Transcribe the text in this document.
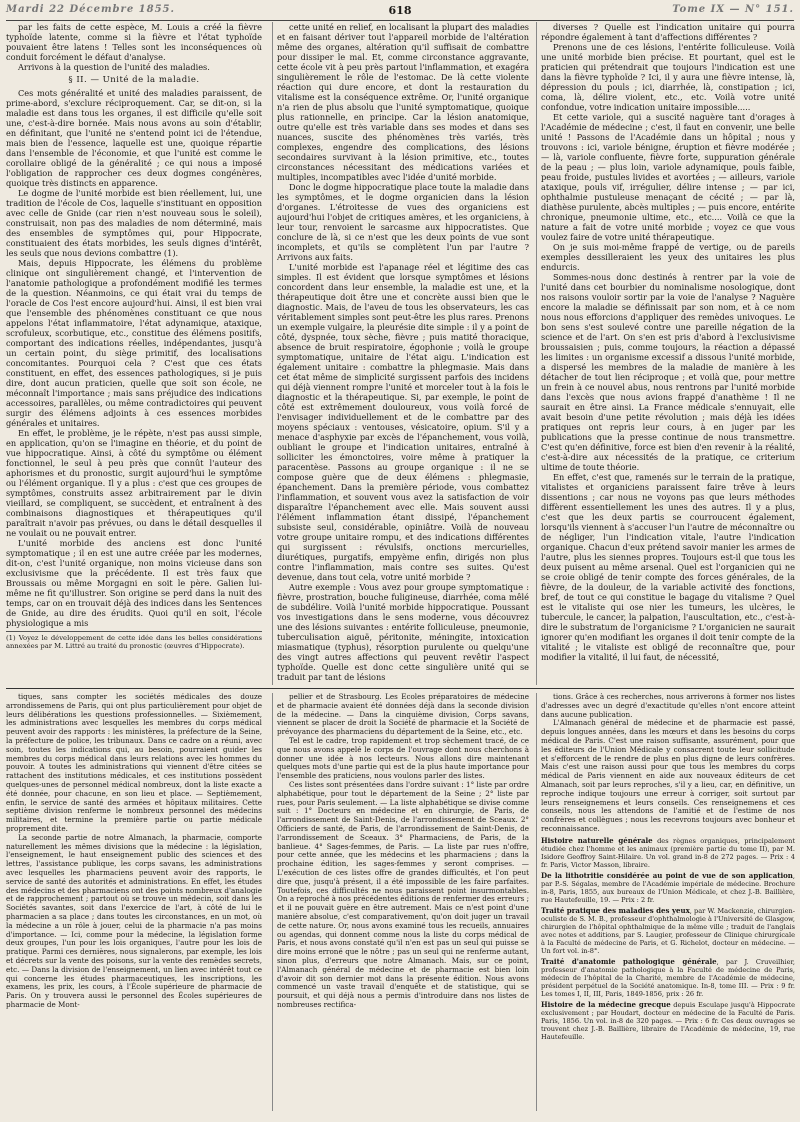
Mardi 22 Décembre 1855.	618	Tome IX — N° 151.

par les faits de cette espèce, M. Louis a créé la fièvre typhoïde latente, comme si la fièvre et l'état typhoïde pouvaient être latens ! Telles sont les inconséquences où conduit forcément le défaut d'analyse.

Arrivons à la question de l'unité des maladies.

§ II. — Unité de la maladie.

Ces mots généralité et unité des maladies paraissent, de prime-abord, s'exclure réciproquement. Car, se dit-on, si la maladie est dans tous les organes, il est difficile qu'elle soit une, c'est-à-dire bornée. Mais nous avons au soin d'établir, en définitant, que l'unité ne s'entend point ici de l'étendue, mais bien de l'essence, laquelle est une, quoique répartie dans l'ensemble de l'économie, et que l'unité est comme le corollaire obligé de la généralité ; ce qui nous a imposé l'obligation de rapprocher ces deux dogmes congénères, quoique très distincts en apparence.

Le dogme de l'unité morbide est bien réellement, lui, une tradition de l'école de Cos, laquelle s'instituant en opposition avec celle de Gnide (car rien n'est nouveau sous le soleil), construisait, non pas des maladies de nom déterminé, mais des ensembles de symptômes qui, pour Hippocrate, constituaient des états morbides, les seuls dignes d'intérêt, les seuls que nous devions combattre (1).

Mais, depuis Hippocrate, les élémens du problème clinique ont singulièrement changé, et l'intervention de l'anatomie pathologique a profondément modifié les termes de la question. Néanmoins, ce qui était vrai du temps de l'oracle de Cos l'est encore aujourd'hui. Ainsi, il est bien vrai que l'ensemble des phénomènes constituant ce que nous appelons l'état inflammatoire, l'état adynamique, ataxique, scrofuleux, scorbutique, etc., constitue des élémens positifs, comportant des indications réelles, indépendantes, jusqu'à un certain point, du siège primitif, des localisations concomitantes. Pourquoi cela ? C'est que ces états constituent, en effet, des essences pathologiques, si je puis dire, dont aucun praticien, quelle que soit son école, ne méconnaît l'importance ; mais sans préjudice des indications accessoires, parallèles, ou même contradictoires qui peuvent surgir des élémens adjoints à ces essences morbides générales et unitaires.

En effet, le problème, je le répète, n'est pas aussi simple, en application, qu'on se l'imagine en théorie, et du point de vue hippocratique. Ainsi, à côté du symptôme ou élément fonctionnel, le seul à peu près que connût l'auteur des aphorismes et du pronostic, surgit aujourd'hui le symptôme ou l'élément organique. Il y a plus : c'est que ces groupes de symptômes, construits assez arbitrairement par le divin vieillard, se compliquent, se succèdent, et entraînent à des combinaisons diagnostiques et thérapeutiques qu'il paraîtrait n'avoir pas prévues, ou dans le détail desquelles il ne voulait ou ne pouvait entrer.

L'unité morbide des anciens est donc l'unité symptomatique ; il en est une autre créée par les modernes, dit-on, c'est l'unité organique, non moins vicieuse dans son exclusivisme que la précédente. Il est très faux que Broussais ou même Morgagni en soit le père. Galien lui-même ne fit qu'illustrer. Son origine se perd dans la nuit des temps, car on en trouvait déjà des indices dans les Sentences de Gnide, au dire des érudits. Quoi qu'il en soit, l'école physiologique a mis

(1) Voyez le développement de cette idée dans les belles considérations annexées par M. Littré au traité du pronostic (œuvres d'Hippocrate).

cette unité en relief, en localisant la plupart des maladies et en faisant dériver tout l'appareil morbide de l'altération même des organes, altération qu'il suffisait de combattre pour dissiper le mal. Et, comme circonstance aggravante, cette école vit à peu près partout l'inflammation, et exagéra singulièrement le rôle de l'estomac. De là cette violente réaction qui dure encore, et dont la restauration du vitalisme est la conséquence extrême. Or, l'unité organique n'a rien de plus absolu que l'unité symptomatique, quoique plus rationnelle, en principe. Car la lésion anatomique, outre qu'elle est très variable dans ses modes et dans ses nuances, suscite des phénomènes très variés, très complexes, engendre des complications, des lésions secondaires survivant à la lésion primitive, etc., toutes circonstances nécessitant des médications variées et multiples, incompatibles avec l'idée d'unité morbide.

Donc le dogme hippocratique place toute la maladie dans les symptômes, et le dogme organicien dans la lésion d'organes. L'étroitesse de vues des organiciens est aujourd'hui l'objet de critiques amères, et les organiciens, à leur tour, renvoient le sarcasme aux hippocratistes. Que conclure de là, si ce n'est que les deux points de vue sont incomplets, et qu'ils se complètent l'un par l'autre ? Arrivons aux faits.

L'unité morbide est l'apanage réel et légitime des cas simples. Il est évident que lorsque symptômes et lésions concordent dans leur ensemble, la maladie est une, et la thérapeutique doit être une et concrète aussi bien que le diagnostic. Mais, de l'aveu de tous les observateurs, les cas véritablement simples sont peut-être les plus rares. Prenons un exemple vulgaire, la pleurésie dite simple : il y a point de côté, dyspnée, toux sèche, fièvre ; puis matité thoracique, absence de bruit respiratoire, égophonie ; voilà le groupe symptomatique, unitaire de l'état aigu. L'indication est également unitaire : combattre la phlegmasie. Mais dans cet état même de simplicité surgissent parfois des incidens qui déjà viennent rompre l'unité et morceler tout à la fois le diagnostic et la thérapeutique. Si, par exemple, le point de côté est extrêmement douloureux, vous voilà forcé de l'envisager individuellement et de le combattre par des moyens spéciaux : ventouses, vésicatoire, opium. S'il y a menace d'asphyxie par excès de l'épanchement, vous voilà, oubliant le groupe et l'indication unitaires, entraîné à solliciter les émonctoires, voire même à pratiquer la paracentèse. Passons au groupe organique : il ne se compose guère que de deux élémens : phlegmasie, épanchement. Dans la première période, vous combattez l'inflammation, et souvent vous avez la satisfaction de voir disparaître l'épanchement avec elle. Mais souvent aussi l'élément inflammation étant dissipé, l'épanchement subsiste seul, considérable, opiniâtre. Voilà de nouveau votre groupe unitaire rompu, et des indications différentes qui surgissent : révulsifs, onctions mercurielles, diurétiques, purgatifs, empyème enfin, dirigés non plus contre l'inflammation, mais contre ses suites. Qu'est devenue, dans tout cela, votre unité morbide ?

Autre exemple : Vous avez pour groupe symptomatique : fièvre, prostration, bouche fuligineuse, diarrhée, coma mêlé de subdélire. Voilà l'unité morbide hippocratique. Poussant vos investigations dans le sens moderne, vous découvrez une des lésions suivantes : entérite folliculeuse, pneumonie, tuberculisation aiguë, péritonite, méningite, intoxication miasmatique (typhus), résorption purulente ou quelqu'une des vingt autres affections qui peuvent revêtir l'aspect typhoïde. Quelle est donc cette singulière unité qui se traduit par tant de lésions

diverses ? Quelle est l'indication unitaire qui pourra répondre également à tant d'affections différentes ?

Prenons une de ces lésions, l'entérite folliculeuse. Voilà une unité morbide bien précise. Et pourtant, quel est le praticien qui prétendrait que toujours l'indication est une dans la fièvre typhoïde ? Ici, il y aura une fièvre intense, là, dépression du pouls ; ici, diarrhée, là, constipation ; ici, coma, là, délire violent, etc., etc. Voilà votre unité confondue, votre indication unitaire impossible.....

Et cette variole, qui a suscité naguère tant d'orages à l'Académie de médecine ; c'est, il faut en convenir, une belle unité ! Passons de l'Académie dans un hôpital ; nous y trouvons : ici, variole bénigne, éruption et fièvre modérée ; — là, variole confluente, fièvre forte, suppuration générale de la peau ; — plus loin, variole adynamique, pouls faible, peau froide, pustules livides et avortées ; — ailleurs, variole ataxique, pouls vif, irrégulier, délire intense ; — par ici, ophthalmie pustuleuse menaçant de cécité ; — par là, diathèse purulente, abcès multiples ; — puis encore, entérite chronique, pneumonie ultime, etc., etc.... Voilà ce que la nature a fait de votre unité morbide ; voyez ce que vous voulez faire de votre unité thérapeutique.

On je suis moi-même frappé de vertige, ou de pareils exemples dessilleraient les yeux des unitaires les plus endurcis.

Sommes-nous donc destinés à rentrer par la voie de l'unité dans cet bourbier du nominalisme nosologique, dont nos raisons vouloir sortir par la voie de l'analyse ? Naguère encore la maladie se définissait par son nom, et à ce nom nous nous efforcions d'appliquer des remèdes univoques. Le bon sens s'est soulevé contre une pareille négation de la science et de l'art. On s'en est pris d'abord à l'exclusivisme broussaisien ; puis, comme toujours, la réaction a dépassé les limites : un organisme excessif a dissous l'unité morbide, a dispersé les membres de la maladie de manière à les détacher de tout lien réciproque ; et voilà que, pour mettre un frein à ce nouvel abus, nous rentrons par l'unité morbide dans l'excès que nous avions frappé d'anathème ! Il ne saurait en être ainsi. La France médicale s'ennuyait, elle avait besoin d'une petite révolution ; mais déjà les idées pratiques ont repris leur cours, à en juger par les publications que la presse continue de nous transmettre. C'est qu'en définitive, force est bien d'en revenir à la réalité, c'est-à-dire aux nécessités de la pratique, ce criterium ultime de toute théorie.

En effet, c'est que, ramenés sur le terrain de la pratique, vitalistes et organiciens paraissent faire trêve à leurs dissentions ; car nous ne voyons pas que leurs méthodes diffèrent essentiellement les unes des autres. Il y a plus, c'est que les deux partis se courroucent également, lorsqu'ils viennent à s'accuser l'un l'autre de méconnaître ou de négliger, l'un l'indication vitale, l'autre l'indication organique. Chacun d'eux prétend savoir manier les armes de l'autre, plus les siennes propres. Toujours est-il que tous les deux puisent au même arsenal. Quel est l'organicien qui ne se croie obligé de tenir compte des forces générales, de la fièvre, de la douleur, de la variable activité des fonctions, bref, de tout ce qui constitue le bagage du vitalisme ? Quel est le vitaliste qui ose nier les tumeurs, les ulcères, le tubercule, le cancer, la palpation, l'auscultation, etc., c'est-à-dire le substratum de l'organicisme ? L'organicien ne saurait ignorer qu'en modifiant les organes il doit tenir compte de la vitalité ; le vitaliste est obligé de reconnaître que, pour modifier la vitalité, il lui faut, de nécessité,

tiques, sans compter les sociétés médicales des douze arrondissemens de Paris, qui ont plus particulièrement pour objet de leurs délibérations les questions professionnelles. — Sixièmement, les administrations avec lesquelles les membres du corps médical peuvent avoir des rapports : les ministères, la préfecture de la Seine, la préfecture de police, les tribunaux. Dans ce cadre on a réuni, avec soin, toutes les indications qui, au besoin, pourraient guider les membres du corps médical dans leurs relations avec les hommes du pouvoir. A toutes les administrations qui viennent d'être citées se rattachent des institutions médicales, et ces institutions possèdent quelques-unes de personnel médical nombreux, dont la liste exacte a été donnée, pour chacune, en son lieu et place. — Septièmement, enfin, le service de santé des armées et hôpitaux militaires. Cette septième division renferme le nombreux personnel des médecins militaires, et termine la première partie ou partie médicale proprement dite.

La seconde partie de notre Almanach, la pharmacie, comporte naturellement les mêmes divisions que la médecine : la législation, l'enseignement, le haut enseignement public des sciences et des lettres, l'assistance publique, les corps savans, les administrations avec lesquelles les pharmaciens peuvent avoir des rapports, le service de santé des autorités et administrations. En effet, les études des médecins et des pharmaciens ont des points nombreux d'analogie et de rapprochement ; partout où se trouve un médecin, soit dans les Sociétés savantes, soit dans l'exercice de l'art, à côté de lui le pharmacien a sa place ; dans toutes les circonstances, en un mot, où la médecine a un rôle à jouer, celui de la pharmacie n'a pas moins d'importance. — Ici, comme pour la médecine, la législation forme deux groupes, l'un pour les lois organiques, l'autre pour les lois de pratique. Parmi ces dernières, nous signalerons, par exemple, les lois et décrets sur la vente des poisons, sur la vente des remèdes secrets, etc. — Dans la division de l'enseignement, un lien avec intérêt tout ce qui concerne les études pharmaceutiques, les inscriptions, les examens, les prix, les cours, à l'École supérieure de pharmacie de Paris. On y trouvera aussi le personnel des Écoles supérieures de pharmacie de Mont-

pellier et de Strasbourg. Les Écoles préparatoires de médecine et de pharmacie avaient été données déjà dans la seconde division de la médecine. — Dans la cinquième division, Corps savans, viennent se placer de droit la Société de pharmacie et la Société de prévoyance des pharmaciens du département de la Seine, etc., etc.

Tel est le cadre, trop rapidement et trop sèchement tracé, de ce que nous avons appelé le corps de l'ouvrage dont nous cherchons à donner une idée à nos lecteurs. Nous allons dire maintenant quelques mots d'une partie qui est de la plus haute importance pour l'ensemble des praticiens, nous voulons parler des listes.

Ces listes sont présentées dans l'ordre suivant : 1° liste par ordre alphabétique, pour tout le département de la Seine ; 2° liste par rues, pour Paris seulement. — La liste alphabétique se divise comme suit : 1° Docteurs en médecine et en chirurgie, de Paris, de l'arrondissement de Saint-Denis, de l'arrondissement de Sceaux. 2° Officiers de santé, de Paris, de l'arrondissement de Saint-Denis, de l'arrondissement de Sceaux. 3° Pharmaciens, de Paris, de la banlieue. 4° Sages-femmes, de Paris. — La liste par rues n'offre, pour cette année, que les médecins et les pharmaciens ; dans la prochaine édition, les sages-femmes y seront comprises. — L'exécution de ces listes offre de grandes difficultés, et l'on peut dire que, jusqu'à présent, il a été impossible de les faire parfaites. Toutefois, ces difficultés ne nous paraissent point insurmontables. On a reproché à nos précédentes éditions de renfermer des erreurs ; et il ne pouvait guère en être autrement. Mais ce n'est point d'une manière absolue, c'est comparativement, qu'on doit juger un travail de cette nature. Or, nous avons examiné tous les recueils, annuaires ou agendas, qui donnent comme nous la liste du corps médical de Paris, et nous avons constaté qu'il n'en est pas un seul qui puisse se dire moins erroné que le nôtre ; pas un seul qui ne renferme autant, sinon plus, d'erreurs que notre Almanach. Mais, sur ce point, l'Almanach général de médecine et de pharmacie est bien loin d'avoir dit son dernier mot dans la présente édition. Nous avons commencé un vaste travail d'enquête et de statistique, qui se poursuit, et qui déjà nous a permis d'introduire dans nos listes de nombreuses rectifica-

tions. Grâce à ces recherches, nous arriverons à former nos listes d'adresses avec un degré d'exactitude qu'elles n'ont encore atteint dans aucune publication.

L'Almanach général de médecine et de pharmacie est passé, depuis longues années, dans les mœurs et dans les besoins du corps médical de Paris. C'est une raison suffisante, assurément, pour que les éditeurs de l'Union Médicale y consacrent toute leur sollicitude et s'efforcent de le rendre de plus en plus digne de leurs confrères. Mais c'est une raison aussi pour que tous les membres du corps médical de Paris viennent en aide aux nouveaux éditeurs de cet Almanach, soit par leurs reproches, s'il y a lieu, car, en définitive, un reproche indique toujours une erreur à corriger, soit surtout par leurs renseignemens et leurs conseils. Ces renseignemens et ces conseils, nous les attendons de l'amitié et de l'estime de nos confrères et collègues ; nous les recevrons toujours avec bonheur et reconnaissance.

Histoire naturelle générale des règnes organiques, principalement étudiée chez l'homme et les animaux (première partie du tome II), par M. Isidore Geoffroy Saint-Hilaire. Un vol. grand in-8 de 272 pages. — Prix : 4 fr. Paris, Victor Masson, libraire.

De la lithotritie considérée au point de vue de son application, par P.-S. Ségalas, membre de l'Académie impériale de médecine. Brochure in-8, Paris, 1855, aux bureaux de l'Union Médicale, et chez J.-B. Baillière, rue Hautefeuille, 19. — Prix : 2 fr.

Traité pratique des maladies des yeux, par W. Mackenzie, chirurgien-oculiste de S. M. B., professeur d'ophthalmologie à l'Université de Glasgow, chirurgien de l'hôpital ophthalmique de la même ville ; traduit de l'anglais avec notes et additions, par S. Laugier, professeur de Clinique chirurgicale à la Faculté de médecine de Paris, et G. Richelot, docteur en médecine. — Un fort vol. in-8°.

Traité d'anatomie pathologique générale, par J. Cruveilhier, professeur d'anatomie pathologique à la Faculté de médecine de Paris, médecin de l'hôpital de la Charité, membre de l'Académie de médecine, président perpétuel de la Société anatomique. In-8, tome III. — Prix : 9 fr. Les tomes I, II, III, Paris, 1849-1856, prix : 26 fr.

Histoire de la médecine grecque depuis Esculape jusqu'à Hippocrate exclusivement ; par Houdart, docteur en médecine de la Faculté de Paris. Paris, 1856. Un vol. in-8 de 320 pages. — Prix : 6 fr. Ces deux ouvrages se trouvent chez J.-B. Baillière, libraire de l'Académie de médecine, 19, rue Hautefeuille.
